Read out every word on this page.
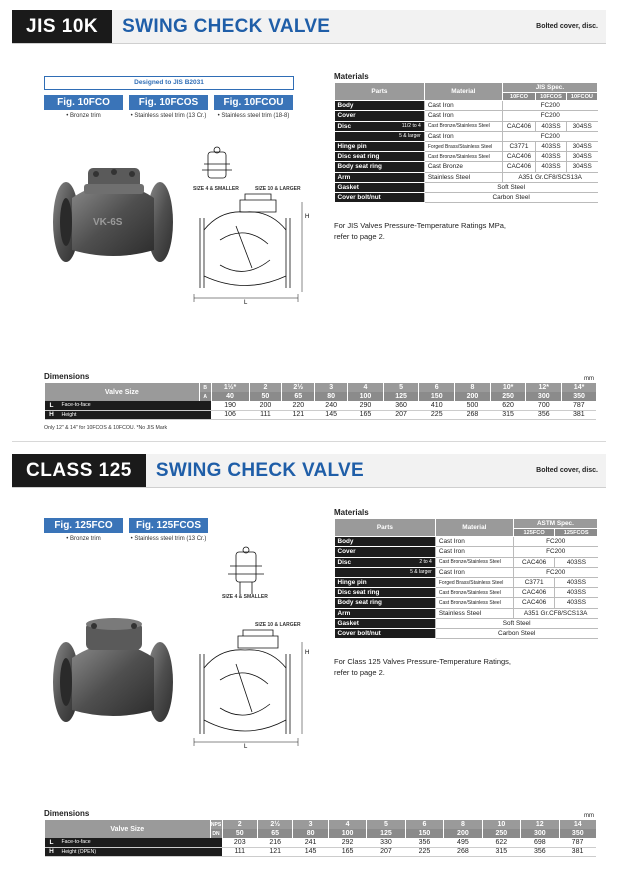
JIS 10K	SWING CHECK VALVE	Bolted cover, disc.
Designed to JIS B2031
Fig. 10FCO
• Bronze trim
Fig. 10FCOS
• Stainless steel trim (13 Cr.)
Fig. 10FCOU
• Stainless steel trim (18-8)
VK-6S	H
L
SIZE 4 & SMALLER	SIZE 10 & LARGER
Materials
Parts		Material	JIS Spec.		
			10FCO	10FCOS	10FCOU
Body		Cast Iron	FC200		
Cover		Cast Iron	FC200		
Disc	11/2 to 4	Cast Bronze/Stainless Steel	CAC406	403SS	304SS
	5 & larger	Cast Iron	FC200		
Hinge pin		Forged Brass/Stainless Steel	C3771	403SS	304SS
Disc seat ring		Cast Bronze/Stainless Steel	CAC406	403SS	304SS
Body seat ring		Cast Bronze	CAC406	403SS	304SS
Arm		Stainless Steel	A351 Gr.CF8/SCS13A		
Gasket		Soft Steel			
Cover bolt/nut		Carbon Steel			
For JIS Valves Pressure-Temperature Ratings MPa,
refer to page 2.
Dimensions	mm
Valve Size		B	1½*	2	2½	3	4	5	6	8	10*	12*	14*
		A	40	50	65	80	100	125	150	200	250	300	350
L	Face-to-face		190	200	220	240	290	360	410	500	620	700	787
H	Height		106	111	121	145	165	207	225	268	315	356	381
Only 12" & 14" for 10FCOS & 10FCOU. *No JIS Mark
CLASS 125	SWING CHECK VALVE	Bolted cover, disc.
Fig. 125FCO
• Bronze trim
Fig. 125FCOS
• Stainless steel trim (13 Cr.)
SIZE 4 & SMALLER
H
L
SIZE 10 & LARGER
Materials
Parts		Material	ASTM Spec.	
			125FCO	125FCOS
Body		Cast Iron	FC200	
Cover		Cast Iron	FC200	
Disc	2 to 4	Cast Bronze/Stainless Steel	CAC406	403SS
	5 & larger	Cast Iron	FC200	
Hinge pin		Forged Brass/Stainless Steel	C3771	403SS
Disc seat ring		Cast Bronze/Stainless Steel	CAC406	403SS
Body seat ring		Cast Bronze/Stainless Steel	CAC406	403SS
Arm		Stainless Steel	A351 Gr.CF8/SCS13A	
Gasket		Soft Steel		
Cover bolt/nut		Carbon Steel		
For Class 125 Valves Pressure-Temperature Ratings,
refer to page 2.
Dimensions	mm
Valve Size		NPS	2	2½	3	4	5	6	8	10	12	14
		DN	50	65	80	100	125	150	200	250	300	350
L	Face-to-face		203	216	241	292	330	356	495	622	698	787
H	Height (OPEN)		111	121	145	165	207	225	268	315	356	381
